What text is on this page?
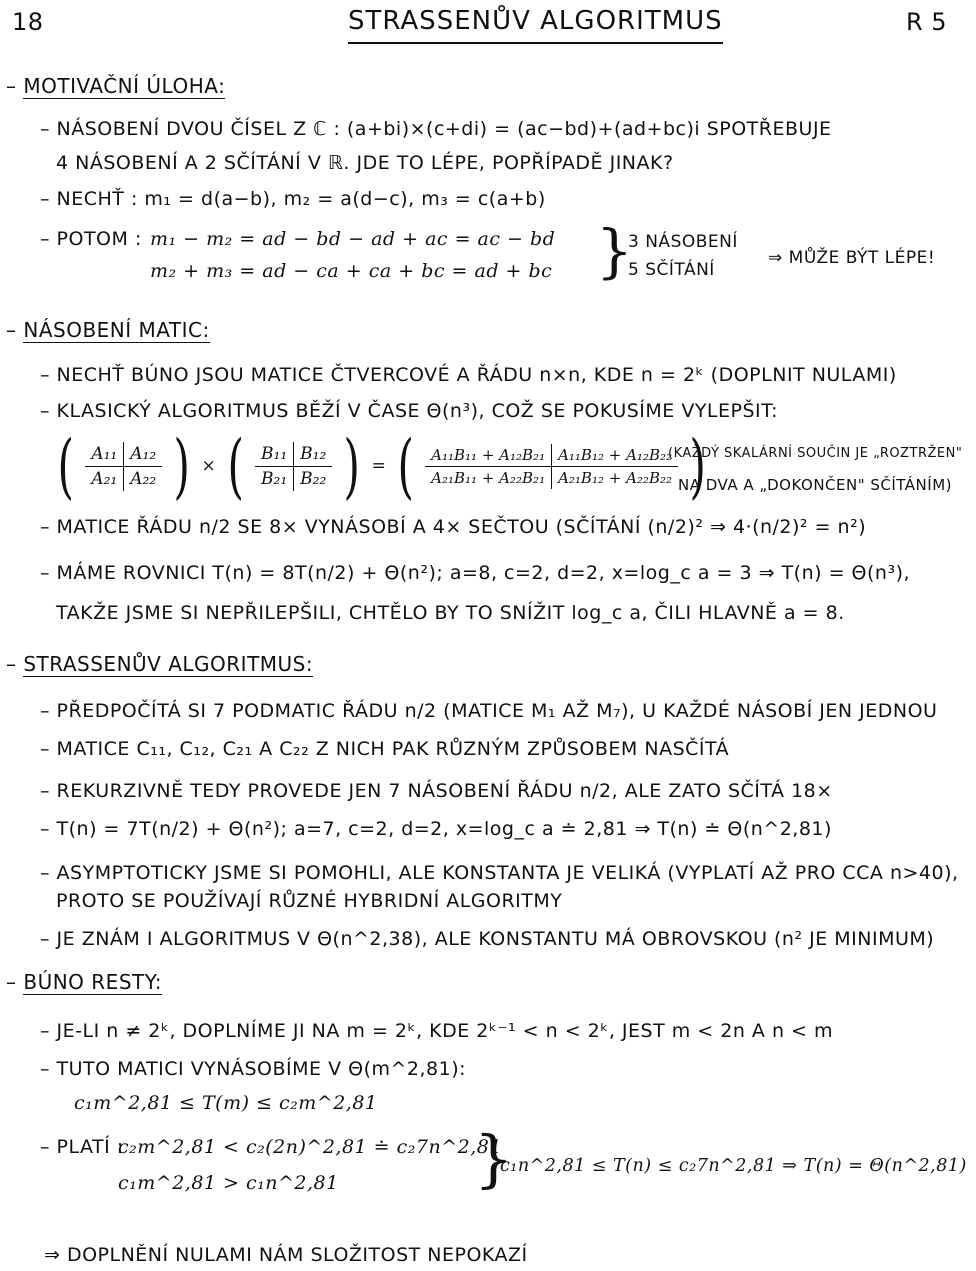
18	STRASSENŮV ALGORITMUS	R 5
– MOTIVAČNÍ ÚLOHA:
– NÁSOBENÍ DVOU ČÍSEL Z ℂ : (a+bi)×(c+di) = (ac−bd)+(ad+bc)i SPOTŘEBUJE
4 NÁSOBENÍ A 2 SČÍTÁNÍ V ℝ. JDE TO LÉPE, POPŘÍPADĚ JINAK?
– NECHŤ : m₁ = d(a−b), m₂ = a(d−c), m₃ = c(a+b)
– POTOM : m₁ − m₂ = ad − bd − ad + ac = ac − bd
m₂ + m₃ = ad − ca + ca + bc = ad + bc }
3 NÁSOBENÍ
5 SČÍTÁNÍ
⇒ MŮŽE BÝT LÉPE!
– NÁSOBENÍ MATIC:
– NECHŤ BÚNO JSOU MATICE ČTVERCOVÉ A ŘÁDU n×n, KDE n = 2ᵏ (DOPLNIT NULAMI)
– KLASICKÝ ALGORITMUS BĚŽÍ V ČASE Θ(n³), COŽ SE POKUSÍME VYLEPŠIT:
(	A₁₁ A₁₂
A₂₁ A₂₂ ) × (	B₁₁ B₁₂
B₂₁ B₂₂ ) = (	A₁₁B₁₁ + A₁₂B₂₁ A₁₁B₁₂ + A₁₂B₂₂
A₂₁B₁₁ + A₂₂B₂₁ A₂₁B₁₂ + A₂₂B₂₂ )
(KAŽDÝ SKALÁRNÍ SOUČIN JE „ROZTRŽEN"
NA DVA A „DOKONČEN" SČÍTÁNÍM)
– MATICE ŘÁDU n/2 SE 8× VYNÁSOBÍ A 4× SEČTOU (SČÍTÁNÍ (n/2)² ⇒ 4·(n/2)² = n²)
– MÁME ROVNICI T(n) = 8T(n/2) + Θ(n²); a=8, c=2, d=2, x=log_c a = 3 ⇒ T(n) = Θ(n³),
TAKŽE JSME SI NEPŘILEPŠILI, CHTĚLO BY TO SNÍŽIT log_c a, ČILI HLAVNĚ a = 8.
– STRASSENŮV ALGORITMUS:
– PŘEDPOČÍTÁ SI 7 PODMATIC ŘÁDU n/2 (MATICE M₁ AŽ M₇), U KAŽDÉ NÁSOBÍ JEN JEDNOU
– MATICE C₁₁, C₁₂, C₂₁ A C₂₂ Z NICH PAK RŮZNÝM ZPŮSOBEM NASČÍTÁ
– REKURZIVNĚ TEDY PROVEDE JEN 7 NÁSOBENÍ ŘÁDU n/2, ALE ZATO SČÍTÁ 18×
– T(n) = 7T(n/2) + Θ(n²); a=7, c=2, d=2, x=log_c a ≐ 2,81 ⇒ T(n) ≐ Θ(n^2,81)
– ASYMPTOTICKY JSME SI POMOHLI, ALE KONSTANTA JE VELIKÁ (VYPLATÍ AŽ PRO CCA n>40),
PROTO SE POUŽÍVAJÍ RŮZNÉ HYBRIDNÍ ALGORITMY
– JE ZNÁM I ALGORITMUS V Θ(n^2,38), ALE KONSTANTU MÁ OBROVSKOU (n² JE MINIMUM)
– BÚNO RESTY:
– JE-LI n ≠ 2ᵏ, DOPLNÍME JI NA m = 2ᵏ, KDE 2ᵏ⁻¹ < n < 2ᵏ, JEST m < 2n A n < m
– TUTO MATICI VYNÁSOBÍME V Θ(m^2,81):
c₁m^2,81 ≤ T(m) ≤ c₂m^2,81
– PLATÍ :
c₂m^2,81 < c₂(2n)^2,81 ≐ c₂7n^2,81
c₁m^2,81 > c₁n^2,81 }
c₁n^2,81 ≤ T(n) ≤ c₂7n^2,81 ⇒ T(n) = Θ(n^2,81)
⇒ DOPLNĚNÍ NULAMI NÁM SLOŽITOST NEPOKAZÍ
